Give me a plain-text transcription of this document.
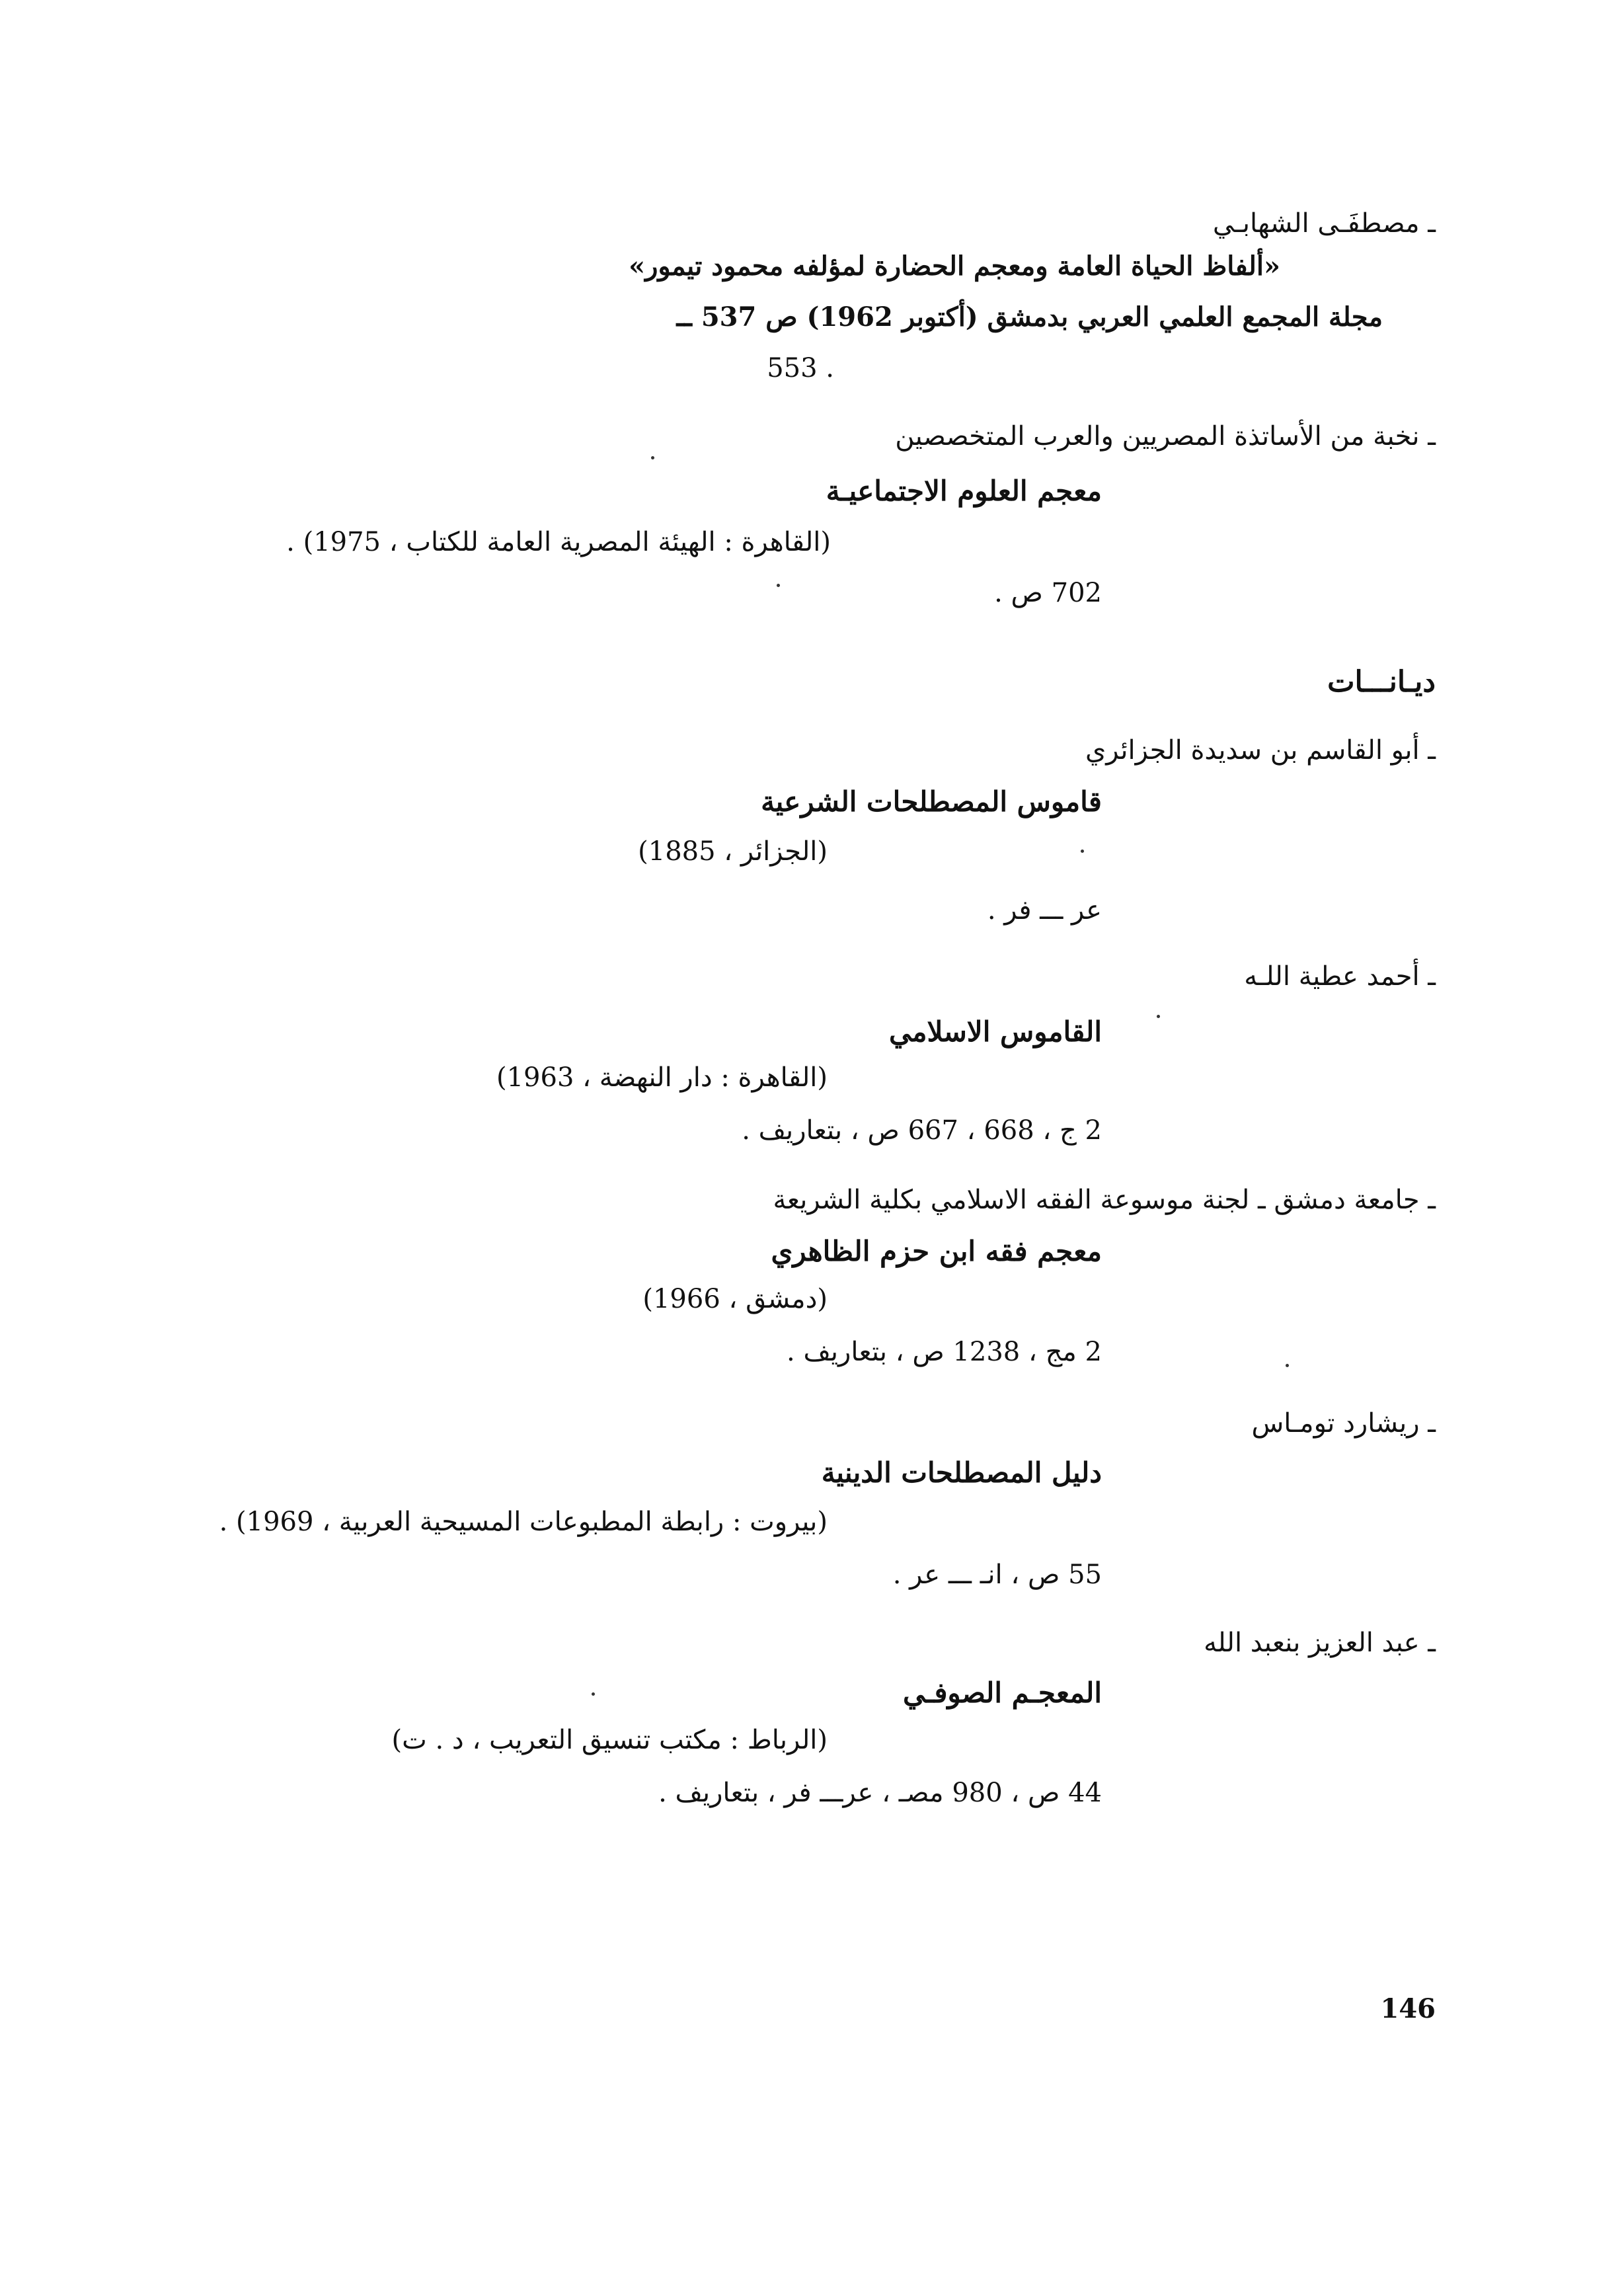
ـ مصطفَـى الشهابـي
«ألفاظ الحياة العامة ومعجم الحضارة لمؤلفه محمود تيمور»
مجلة المجمع العلمي العربي بدمشق (أكتوبر 1962) ص 537 ــ
553 .
ـ نخبة من الأساتذة المصريين والعرب المتخصصين
معجم العلوم الاجتماعيـة
(القاهرة : الهيئة المصرية العامة للكتاب ، 1975) .
702 ص .
ديـانـــات
ـ أبو القاسم بن سديدة الجزائري
قاموس المصطلحات الشرعية
(الجزائر ، 1885)
عر ـــ فر .
ـ أحمد عطية اللـه
القاموس الاسلامي
(القاهرة : دار النهضة ، 1963)
2 ج ، 668 ، 667 ص ، بتعاريف .
ـ جامعة دمشق ـ لجنة موسوعة الفقه الاسلامي بكلية الشريعة
معجم فقه ابن حزم الظاهري
(دمشق ، 1966)
2 مج ، 1238 ص ، بتعاريف .
ـ ريشارد تومـاس
دليل المصطلحات الدينية
(بيروت : رابطة المطبوعات المسيحية العربية ، 1969) .
55 ص ، انـ ـــ عر .
ـ عبد العزيز بنعبد الله
المعجـم الصوفـي
(الرباط : مكتب تنسيق التعريب ، د . ت)
44 ص ، 980 مصـ ، عرـــ فر ، بتعاريف .
146
